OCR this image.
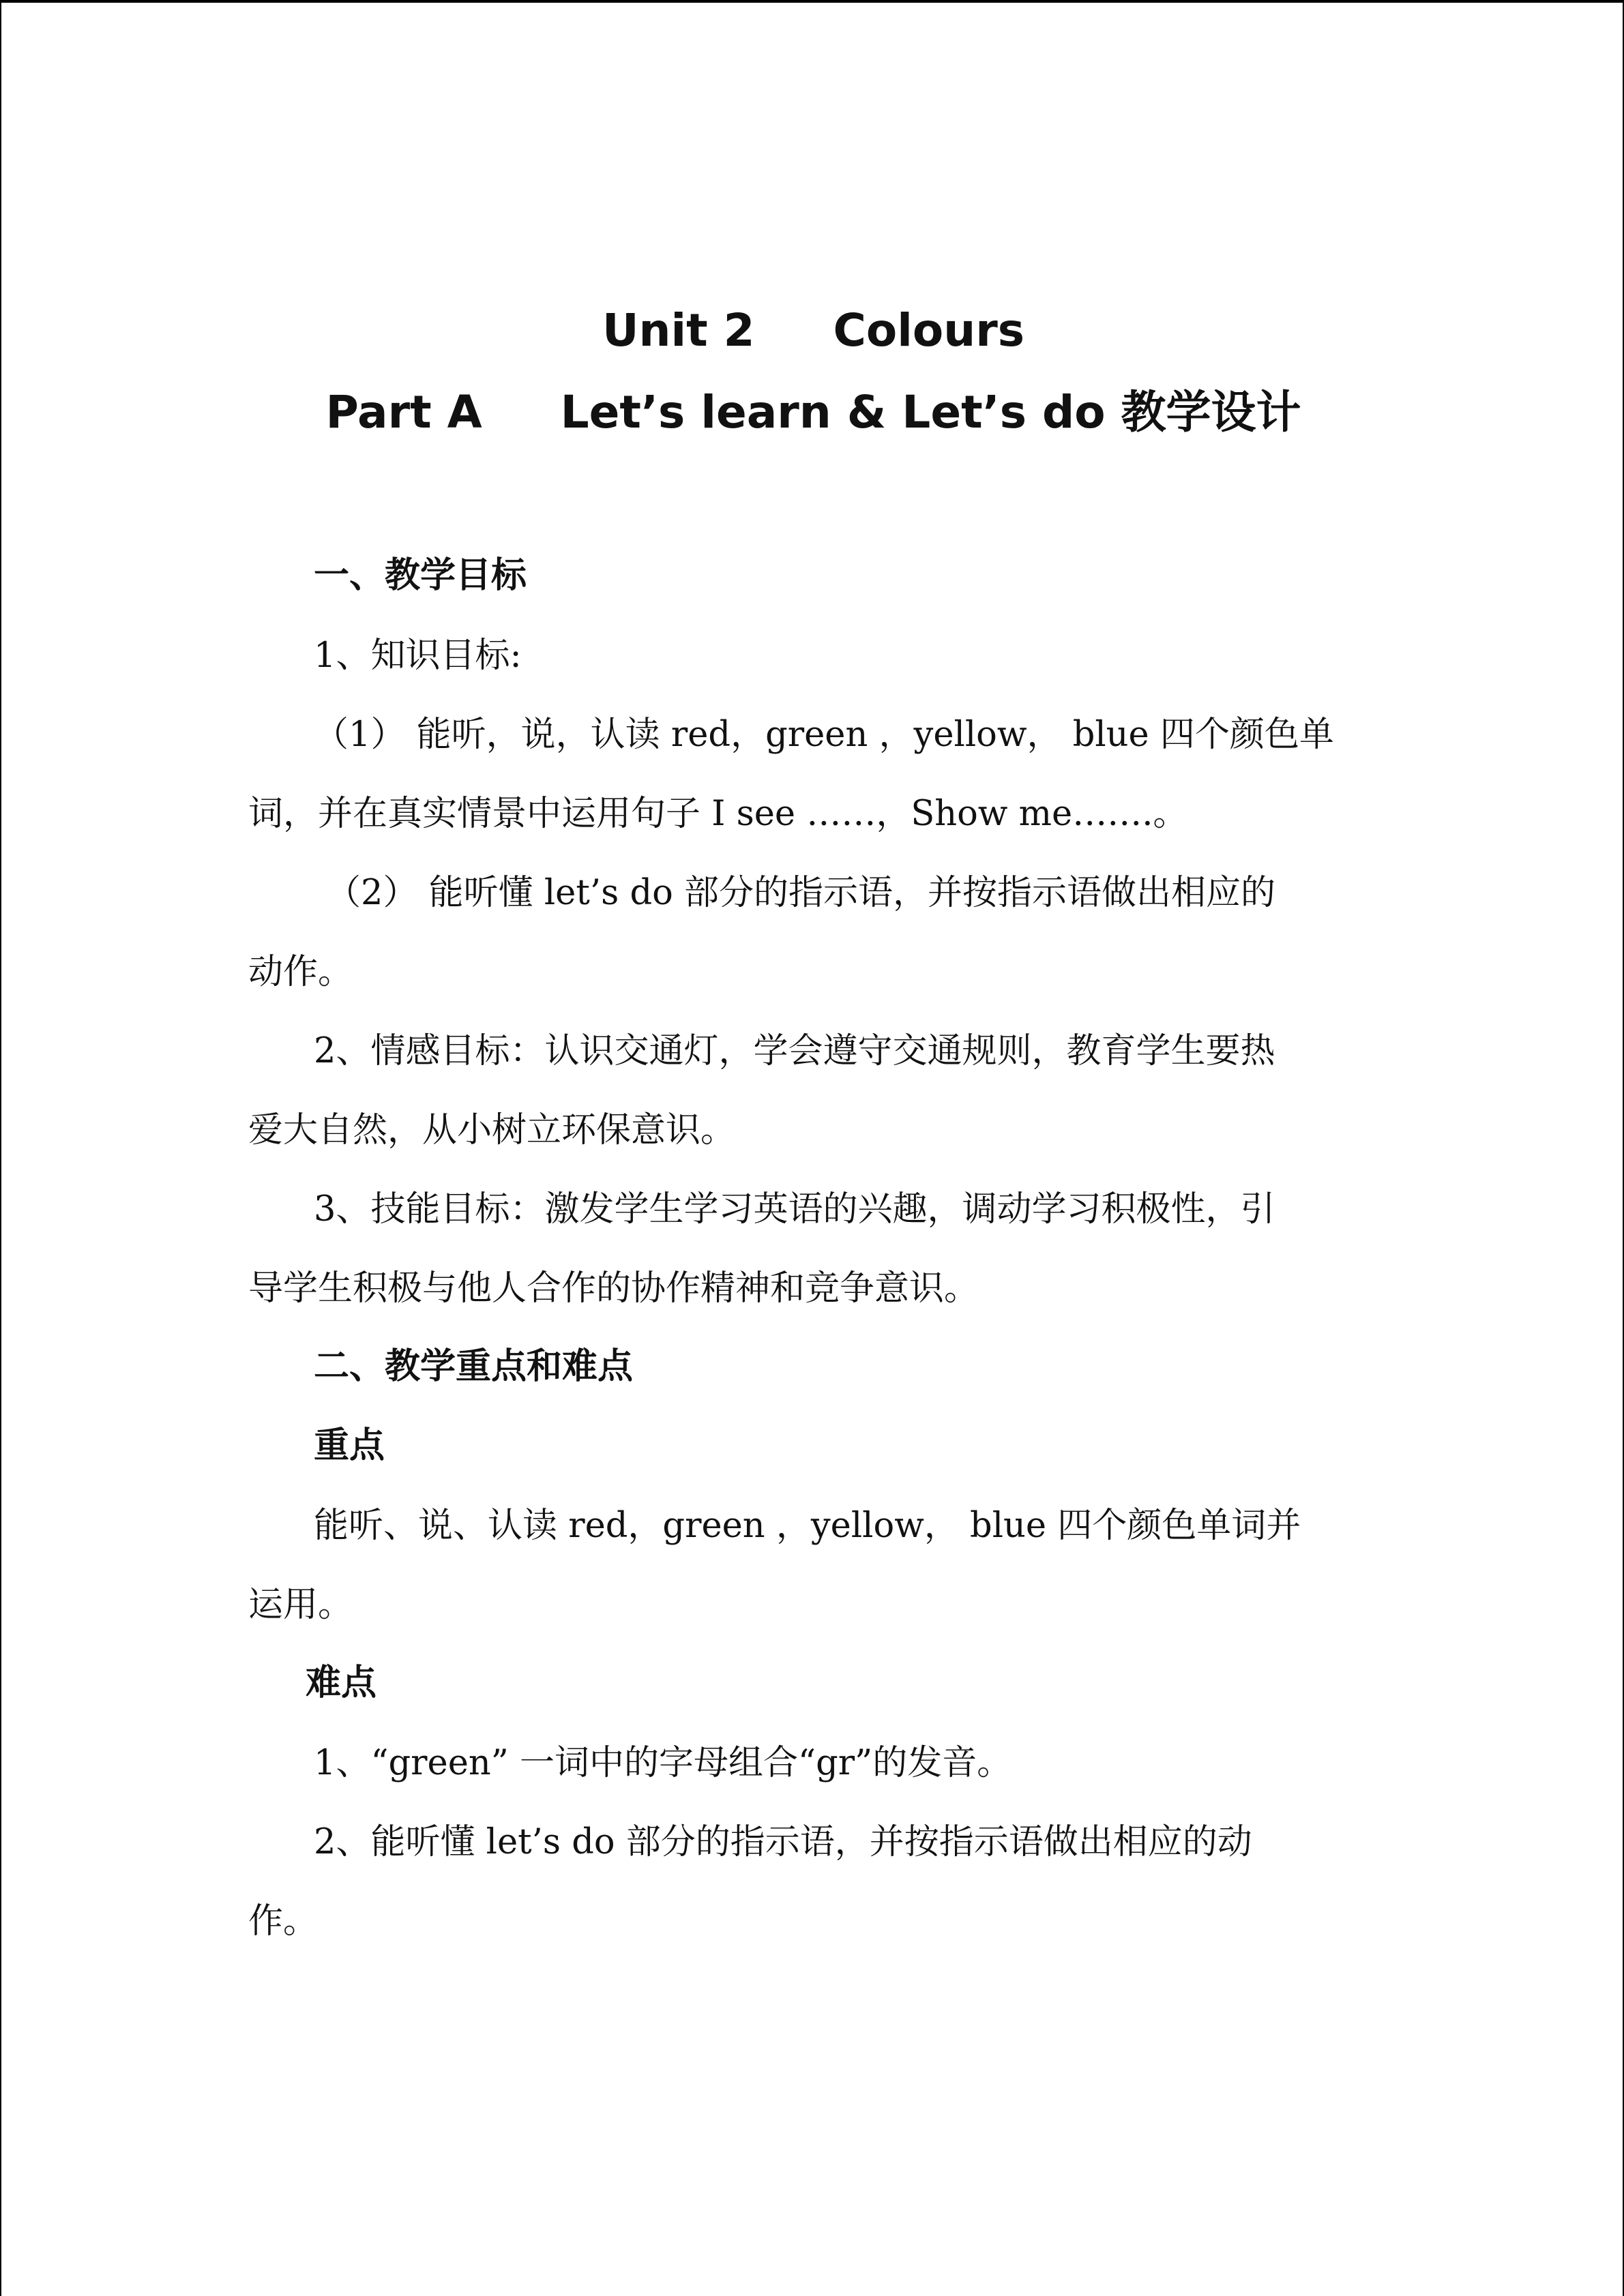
Unit 2     Colours
Part A     Let’s learn & Let’s do 教学设计
一、教学目标
1、知识目标:
（1） 能听，说，认读 red，green ，yellow， blue 四个颜色单
词，并在真实情景中运用句子 I see ……，Show me…….。
（2） 能听懂 let’s do 部分的指示语，并按指示语做出相应的
动作。
2、情感目标：认识交通灯，学会遵守交通规则，教育学生要热
爱大自然，从小树立环保意识。
3、技能目标：激发学生学习英语的兴趣，调动学习积极性，引
导学生积极与他人合作的协作精神和竞争意识。
二、教学重点和难点
重点
能听、说、认读 red，green ，yellow， blue 四个颜色单词并
运用。
难点
1、“green” 一词中的字母组合“gr”的发音。
2、能听懂 let’s do 部分的指示语，并按指示语做出相应的动
作。
